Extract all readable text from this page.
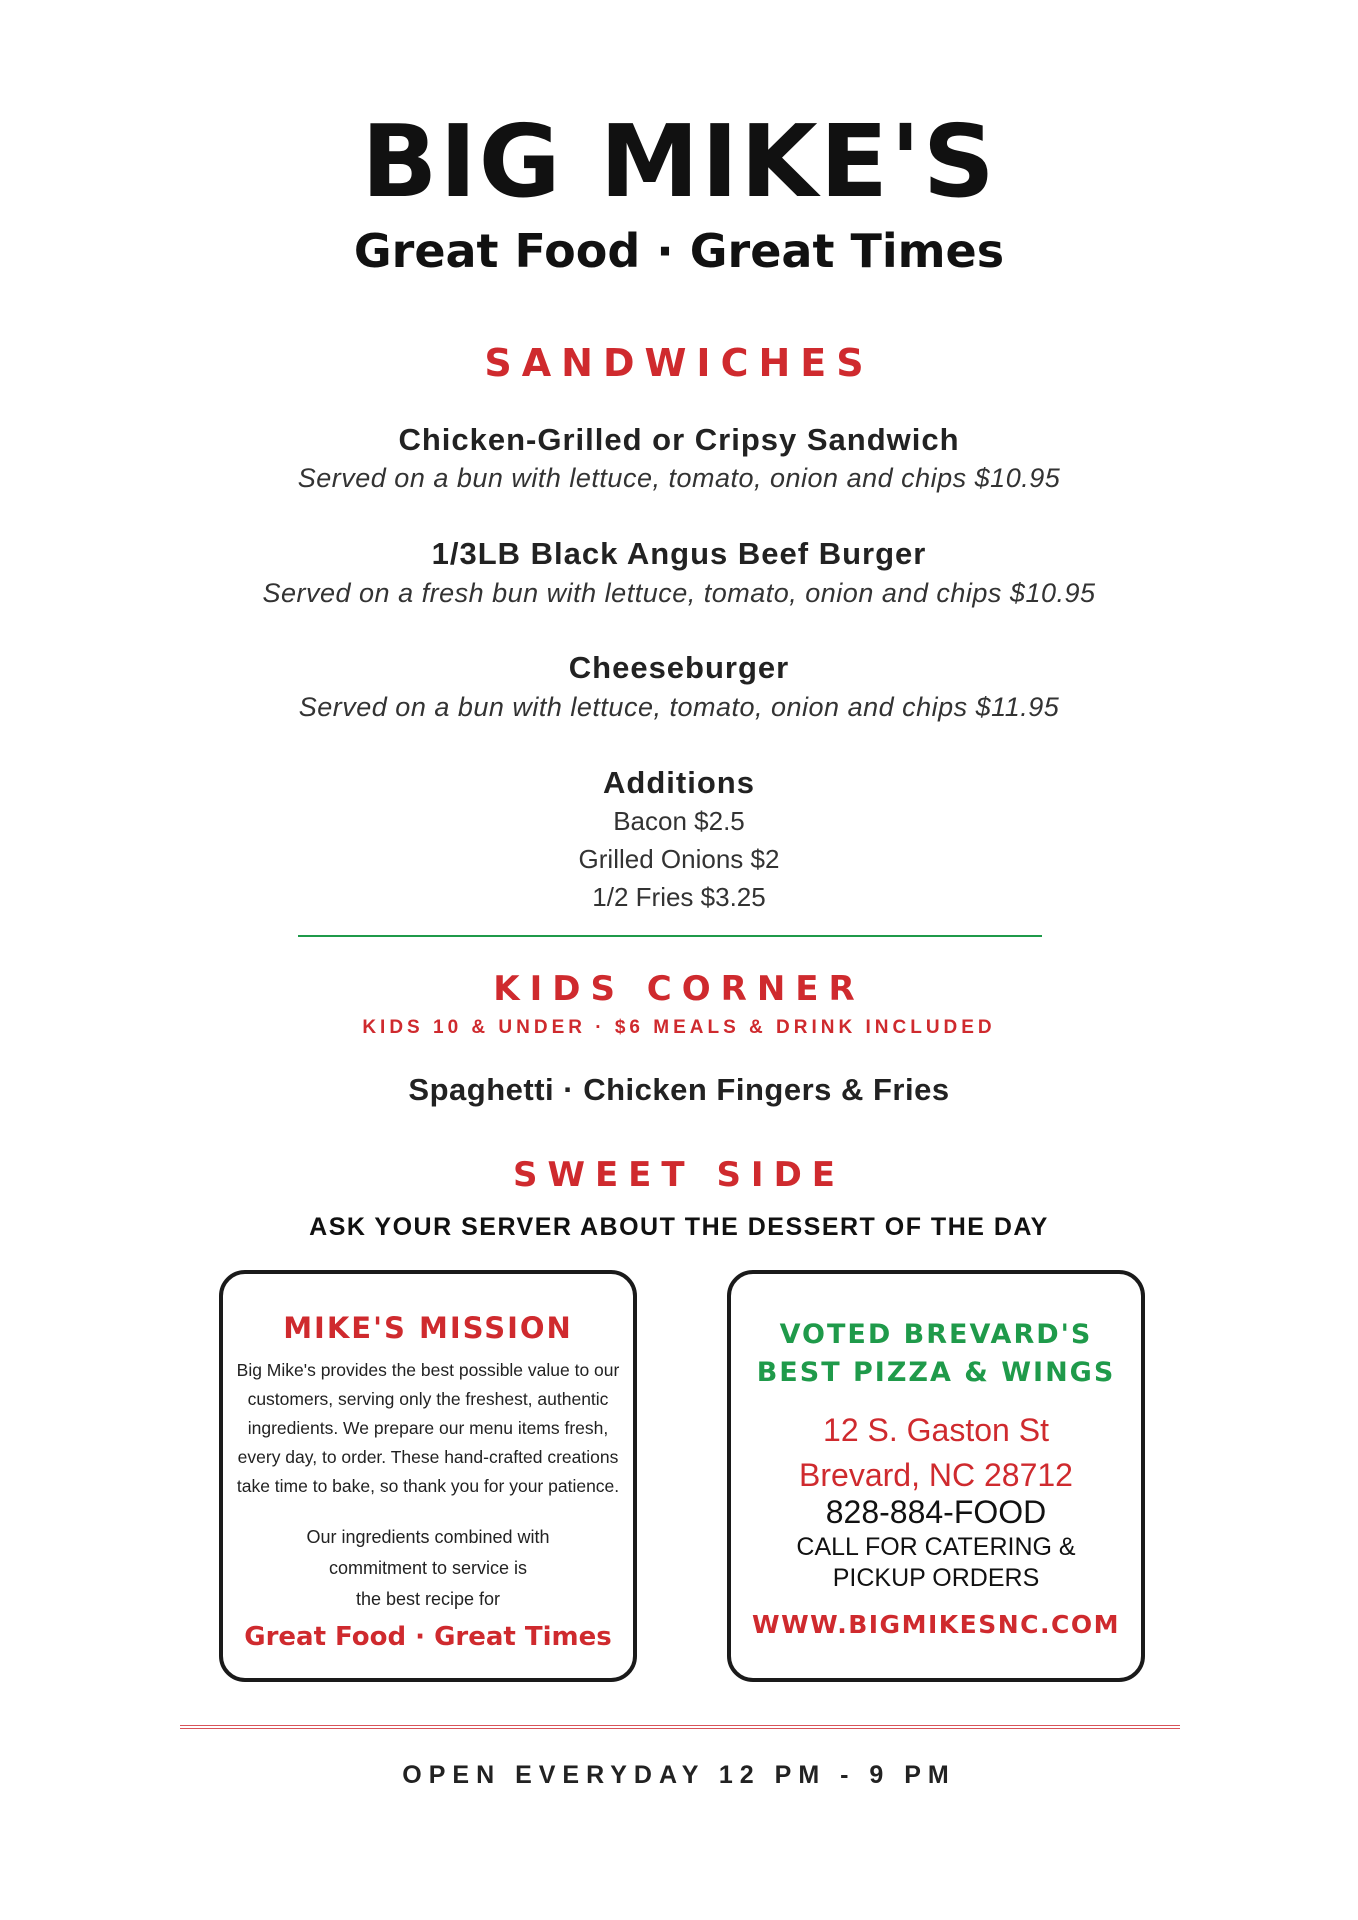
BIG MIKE'S
Great Food · Great Times
SANDWICHES
Chicken-Grilled or Cripsy Sandwich
Served on a bun with lettuce, tomato, onion and chips $10.95
1/3LB Black Angus Beef Burger
Served on a fresh bun with lettuce, tomato, onion and chips $10.95
Cheeseburger
Served on a bun with lettuce, tomato, onion and chips $11.95
Additions
Bacon $2.5
Grilled Onions $2
1/2 Fries $3.25
KIDS CORNER
KIDS 10 & UNDER · $6 MEALS & DRINK INCLUDED
Spaghetti · Chicken Fingers & Fries
SWEET SIDE
ASK YOUR SERVER ABOUT THE DESSERT OF THE DAY
MIKE'S MISSION
Big Mike's provides the best possible value to our customers, serving only the freshest, authentic ingredients. We prepare our menu items fresh, every day, to order. These hand-crafted creations take time to bake, so thank you for your patience.
Our ingredients combined with
commitment to service is
the best recipe for
Great Food · Great Times
VOTED BREVARD'S
BEST PIZZA & WINGS
12 S. Gaston St
Brevard, NC 28712
828-884-FOOD
CALL FOR CATERING &
PICKUP ORDERS
WWW.BIGMIKESNC.COM
OPEN EVERYDAY 12 PM - 9 PM
